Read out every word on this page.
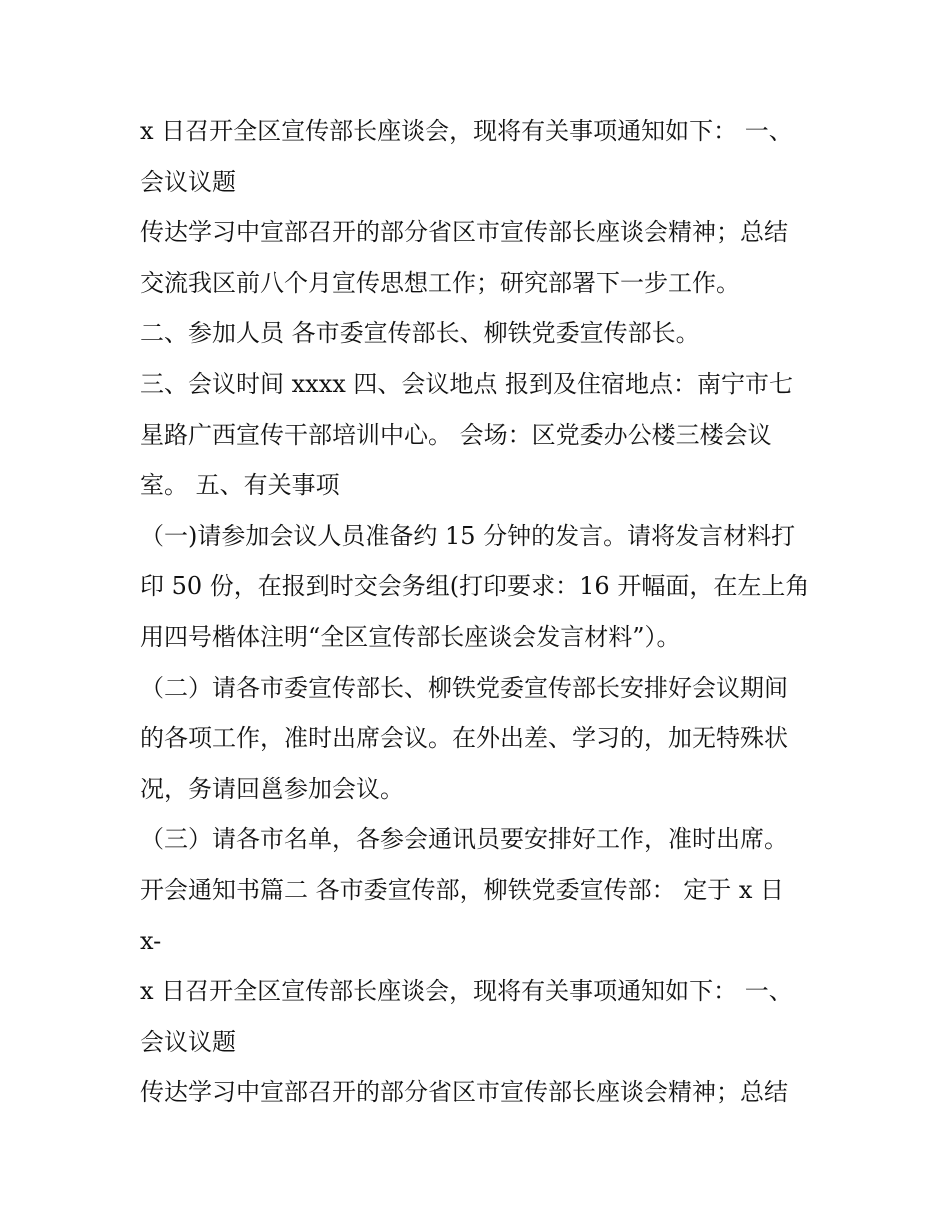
x 日召开全区宣传部长座谈会，现将有关事项通知如下： 一、
会议议题
传达学习中宣部召开的部分省区市宣传部长座谈会精神；总结
交流我区前八个月宣传思想工作；研究部署下一步工作。
二、参加人员 各市委宣传部长、柳铁党委宣传部长。
三、会议时间 xxxx 四、会议地点 报到及住宿地点：南宁市七
星路广西宣传干部培训中心。 会场：区党委办公楼三楼会议
室。 五、有关事项
（一)请参加会议人员准备约 15 分钟的发言。请将发言材料打
印 50 份，在报到时交会务组(打印要求：16 开幅面，在左上角
用四号楷体注明“全区宣传部长座谈会发言材料”）。
（二）请各市委宣传部长、柳铁党委宣传部长安排好会议期间
的各项工作，准时出席会议。在外出差、学习的，加无特殊状
况，务请回邕参加会议。
（三）请各市名单，各参会通讯员要安排好工作，准时出席。
开会通知书篇二 各市委宣传部，柳铁党委宣传部： 定于 x 日
x-
x 日召开全区宣传部长座谈会，现将有关事项通知如下： 一、
会议议题
传达学习中宣部召开的部分省区市宣传部长座谈会精神；总结
